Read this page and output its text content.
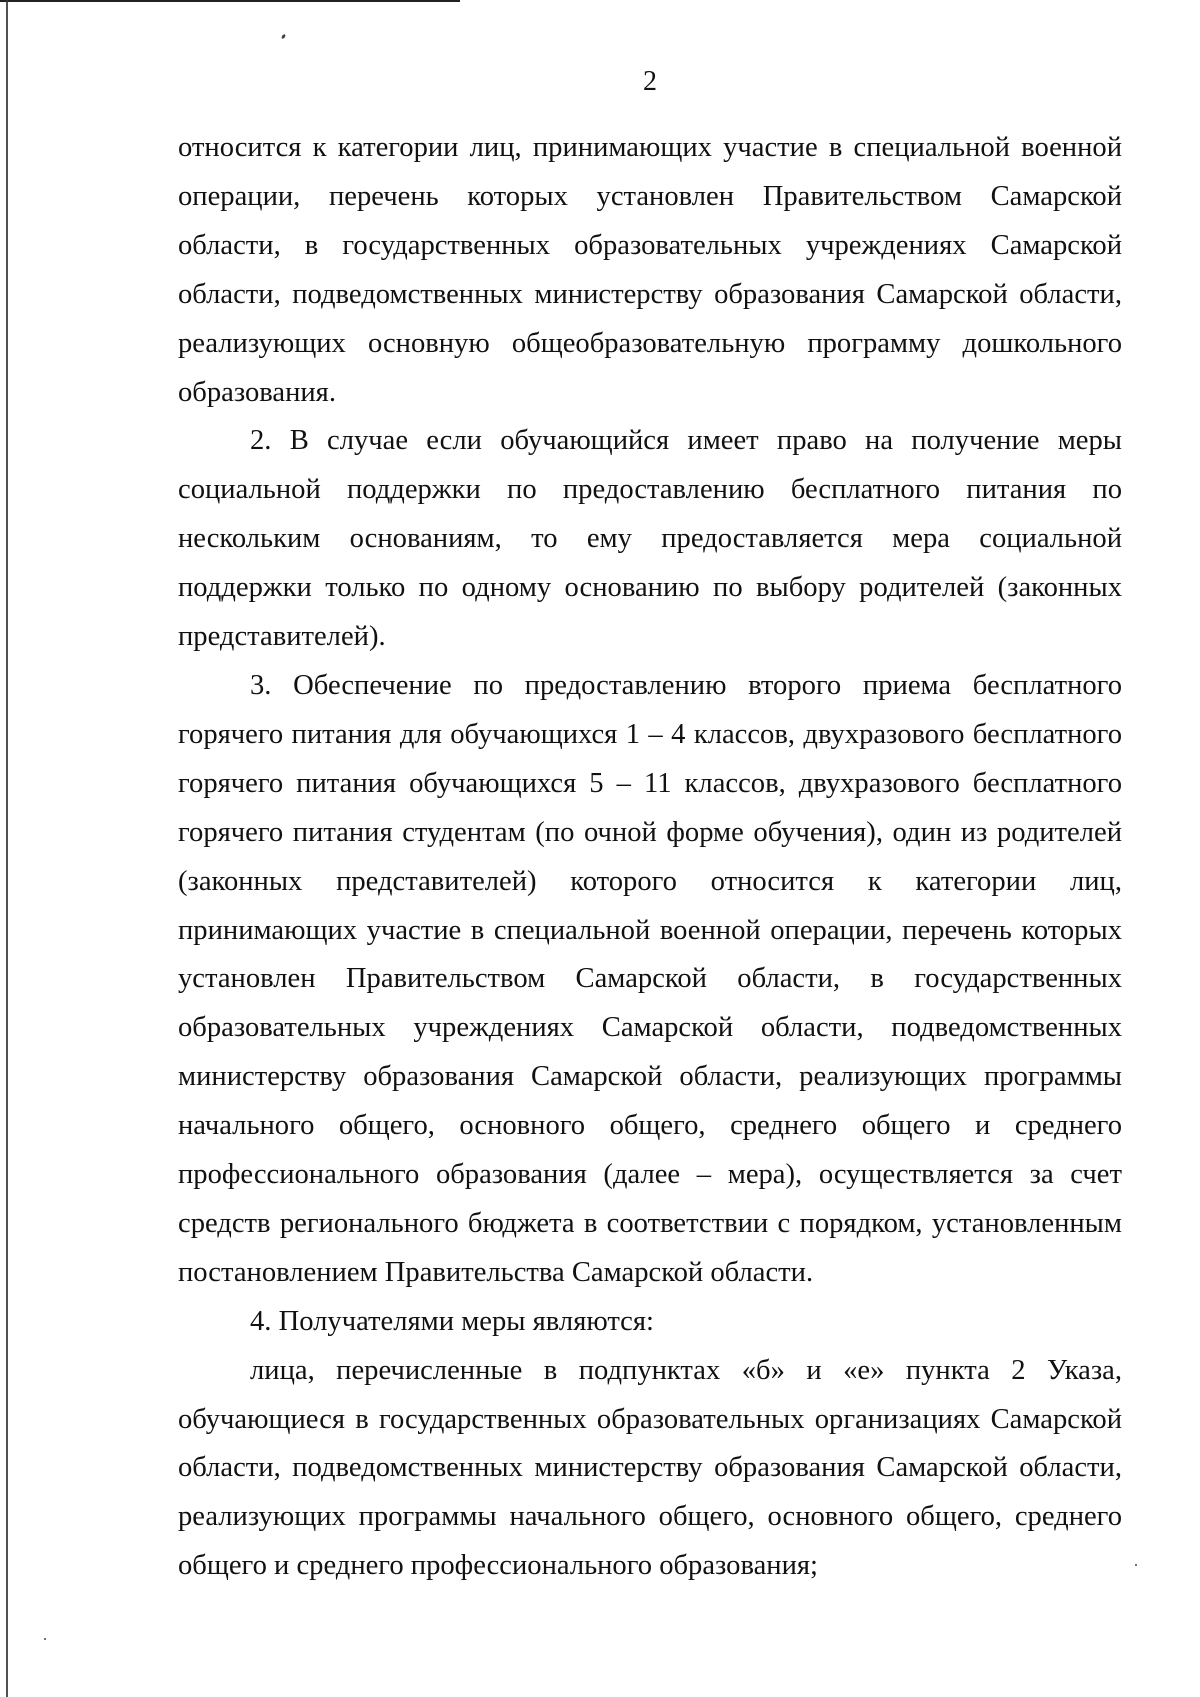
2

относится к категории лиц, принимающих участие в специальной военной операции, перечень которых установлен Правительством Самарской области, в государственных образовательных учреждениях Самарской области, подведомственных министерству образования Самарской области, реализующих основную общеобразовательную программу дошкольного образования.

2. В случае если обучающийся имеет право на получение меры социальной поддержки по предоставлению бесплатного питания по нескольким основаниям, то ему предоставляется мера социальной поддержки только по одному основанию по выбору родителей (законных представителей).

3. Обеспечение по предоставлению второго приема бесплатного горячего питания для обучающихся 1 – 4 классов, двухразового бесплатного горячего питания обучающихся 5 – 11 классов, двухразового бесплатного горячего питания студентам (по очной форме обучения), один из родителей (законных представителей) которого относится к категории лиц, принимающих участие в специальной военной операции, перечень которых установлен Правительством Самарской области, в государственных образовательных учреждениях Самарской области, подведомственных министерству образования Самарской области, реализующих программы начального общего, основного общего, среднего общего и среднего профессионального образования (далее – мера), осуществляется за счет средств регионального бюджета в соответствии с порядком, установленным постановлением Правительства Самарской области.

4. Получателями меры являются:

лица, перечисленные в подпунктах «б» и «е» пункта 2 Указа, обучающиеся в государственных образовательных организациях Самарской области, подведомственных министерству образования Самарской области, реализующих программы начального общего, основного общего, среднего общего и среднего профессионального образования;
